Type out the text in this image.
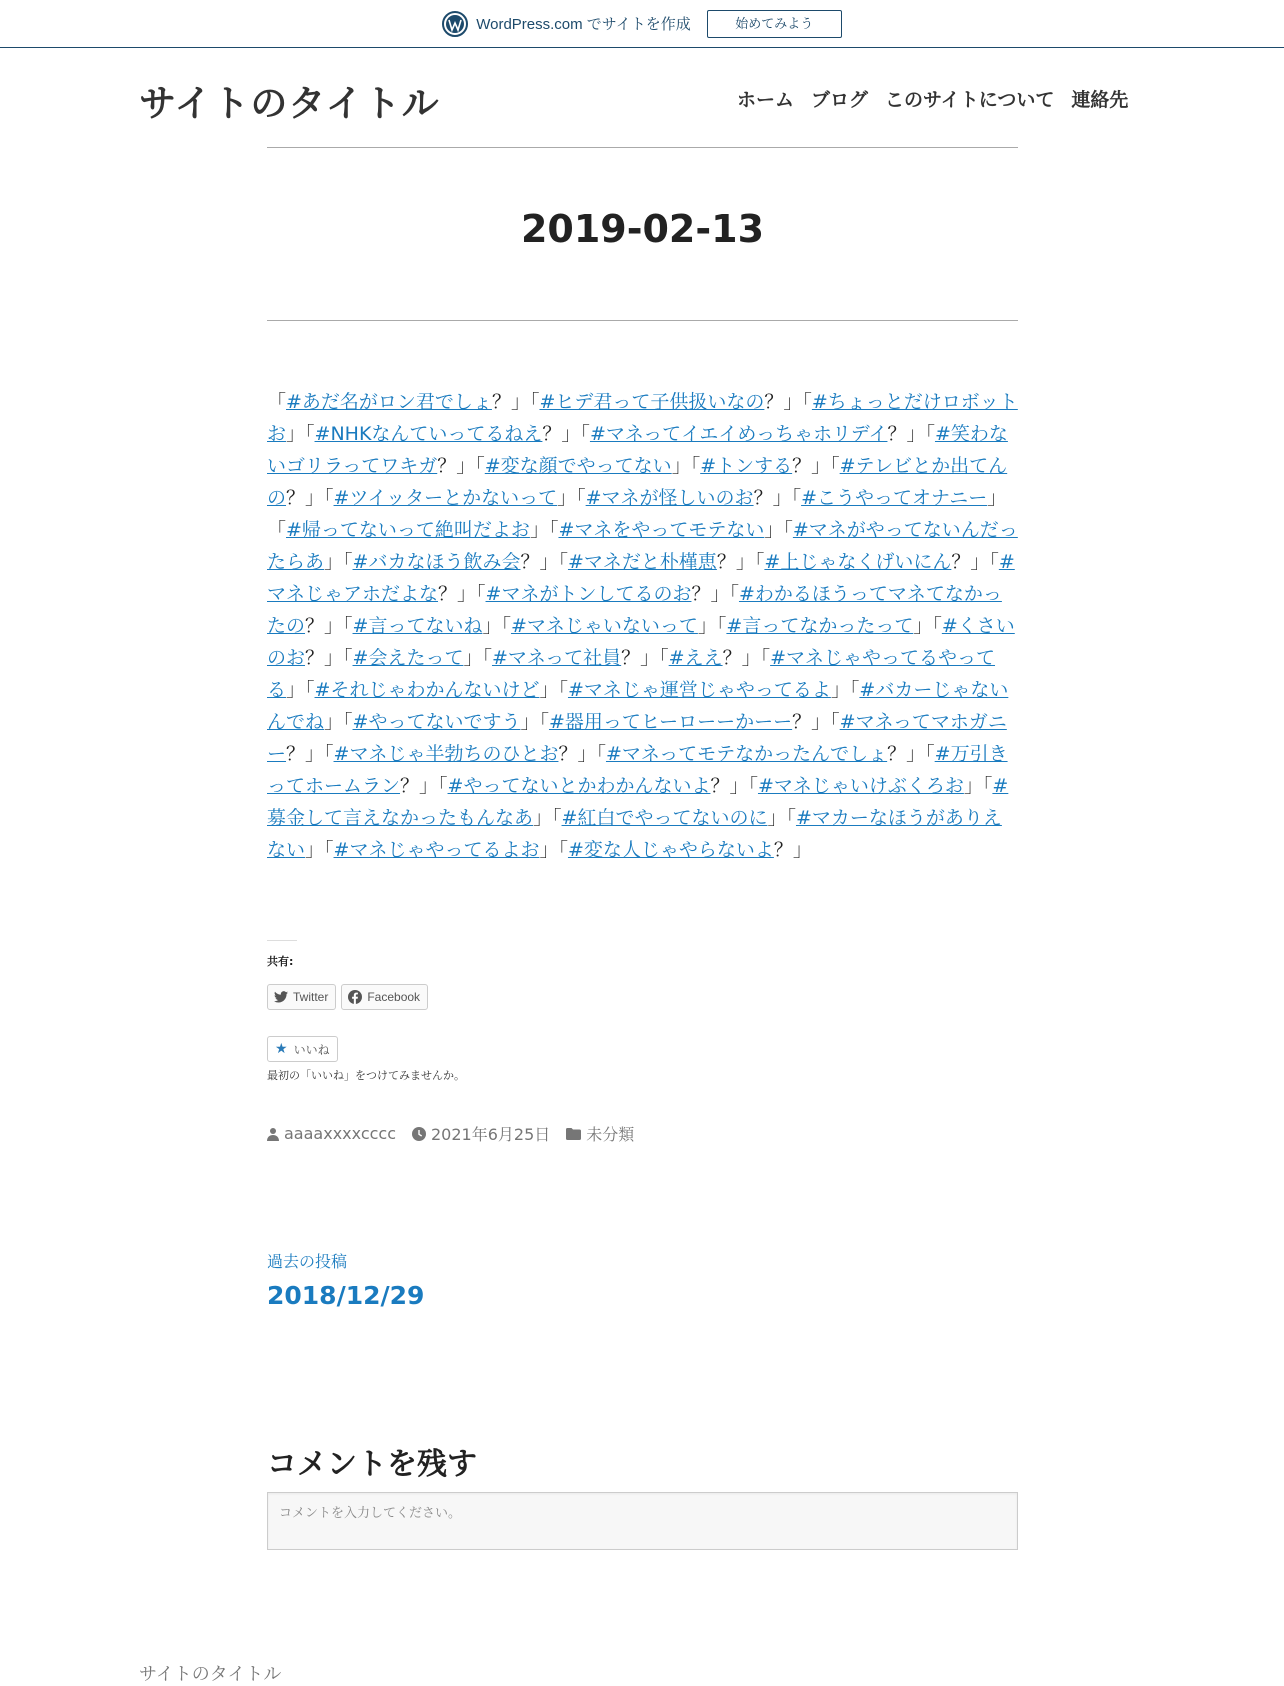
WordPress.com でサイトを作成	始めてみよう
サイトのタイトル	ホーム ブログ このサイトについて 連絡先
2019-02-13
「#あだ名がロン君でしょ？」「#ヒデ君って子供扱いなの？」「#ちょっとだけロボットお」「#NHKなんていってるねえ？」「#マネってイエイめっちゃホリデイ？」「#笑わないゴリラってワキガ？」「#変な顔でやってない」「#トンする？」「#テレビとか出てんの？」「#ツイッターとかないって」「#マネが怪しいのお？」「#こうやってオナニー」「#帰ってないって絶叫だよお」「#マネをやってモテない」「#マネがやってないんだったらあ」「#バカなほう飲み会？」「#マネだと朴槿恵？」「#上じゃなくげいにん？」「#マネじゃアホだよな？」「#マネがトンしてるのお？」「#わかるほうってマネてなかったの？」「#言ってないね」「#マネじゃいないって」「#言ってなかったって」「#くさいのお？」「#会えたって」「#マネって社員？」「#ええ？」「#マネじゃやってるやってる」「#それじゃわかんないけど」「#マネじゃ運営じゃやってるよ」「#バカーじゃないんでね」「#やってないですう」「#器用ってヒーローーかーー？」「#マネってマホガニー？」「#マネじゃ半勃ちのひとお？」「#マネってモテなかったんでしょ？」「#万引きってホームラン？」「#やってないとかわかんないよ？」「#マネじゃいけぶくろお」「#募金して言えなかったもんなあ」「#紅白でやってないのに」「#マカーなほうがありえない」「#マネじゃやってるよお」「#変な人じゃやらないよ？」
共有:
Twitter	Facebook
★ いいね
最初の「いいね」をつけてみませんか。
aaaaxxxxcccc 2021年6月25日 未分類
過去の投稿
2018/12/29
コメントを残す
コメントを入力してください。
サイトのタイトル
